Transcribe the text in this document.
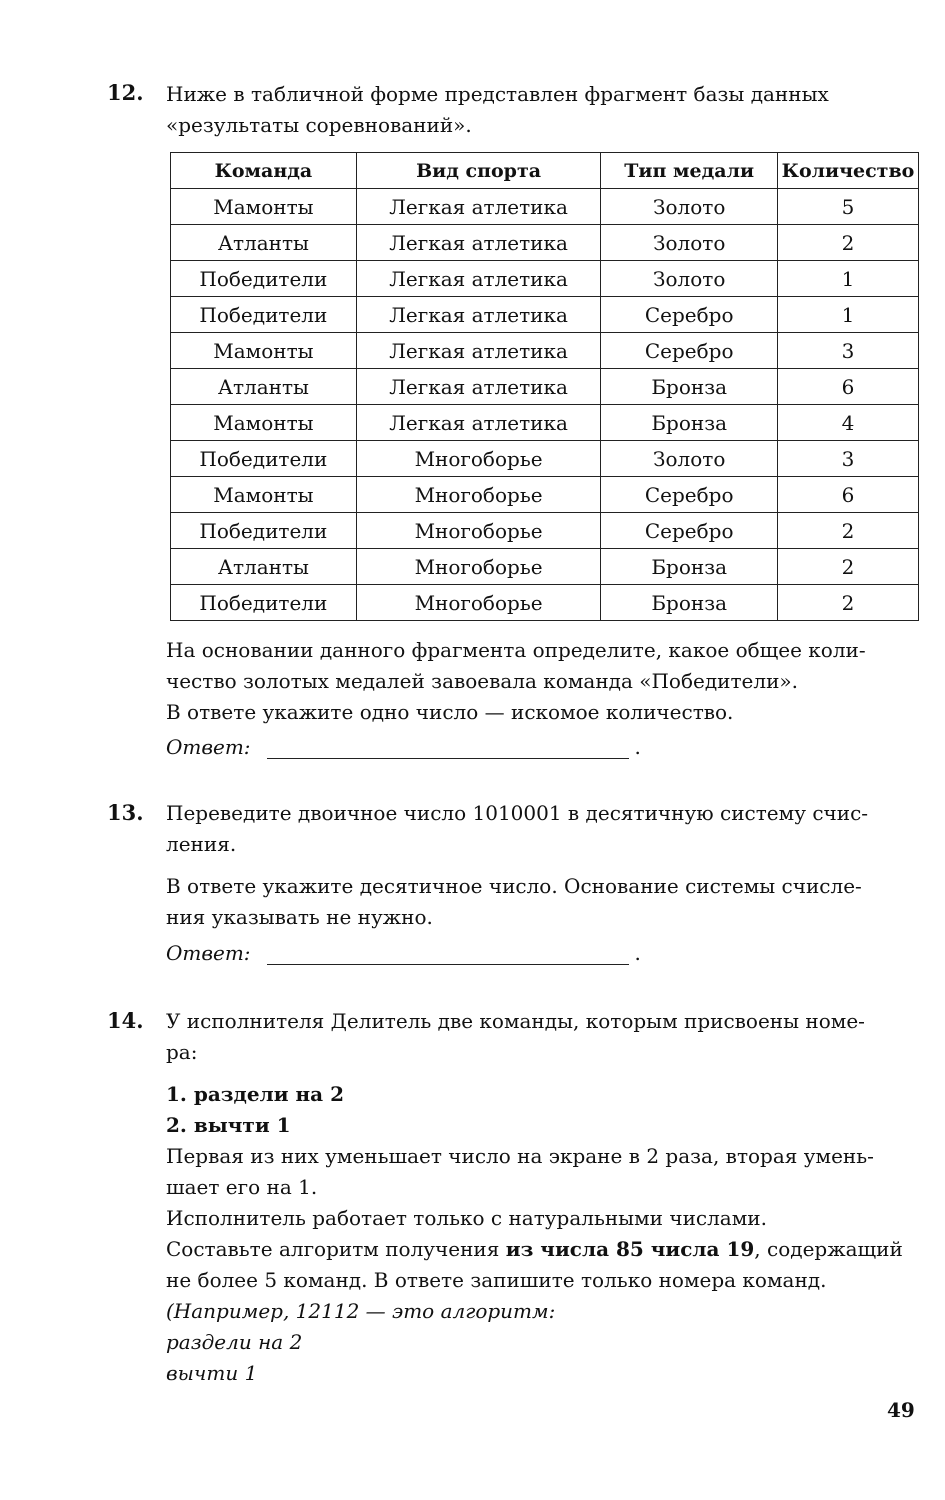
12. Ниже в табличной форме представлен фрагмент базы данных

«результаты соревнований».

Команда	Вид спорта	Тип медали	Количество
Мамонты	Легкая атлетика	Золото	5
Атланты	Легкая атлетика	Золото	2
Победители	Легкая атлетика	Золото	1
Победители	Легкая атлетика	Серебро	1
Мамонты	Легкая атлетика	Серебро	3
Атланты	Легкая атлетика	Бронза	6
Мамонты	Легкая атлетика	Бронза	4
Победители	Многоборье	Золото	3
Мамонты	Многоборье	Серебро	6
Победители	Многоборье	Серебро	2
Атланты	Многоборье	Бронза	2
Победители	Многоборье	Бронза	2

На основании данного фрагмента определите, какое общее коли-

чество золотых медалей завоевала команда «Победители».

В ответе укажите одно число — искомое количество.

Ответ:	.
13. Переведите двоичное число 1010001 в десятичную систему счис-

ления.

В ответе укажите десятичное число. Основание системы счисле-

ния указывать не нужно.

Ответ:	.
14. У исполнителя Делитель две команды, которым присвоены номе-

ра:

1. раздели на 2

2. вычти 1

Первая из них уменьшает число на экране в 2 раза, вторая умень-

шает его на 1.

Исполнитель работает только с натуральными числами.

Составьте алгоритм получения из числа 85 числа 19, содержащий

не более 5 команд. В ответе запишите только номера команд.

(Например, 12112 — это алгоритм:

раздели на 2

вычти 1

49
